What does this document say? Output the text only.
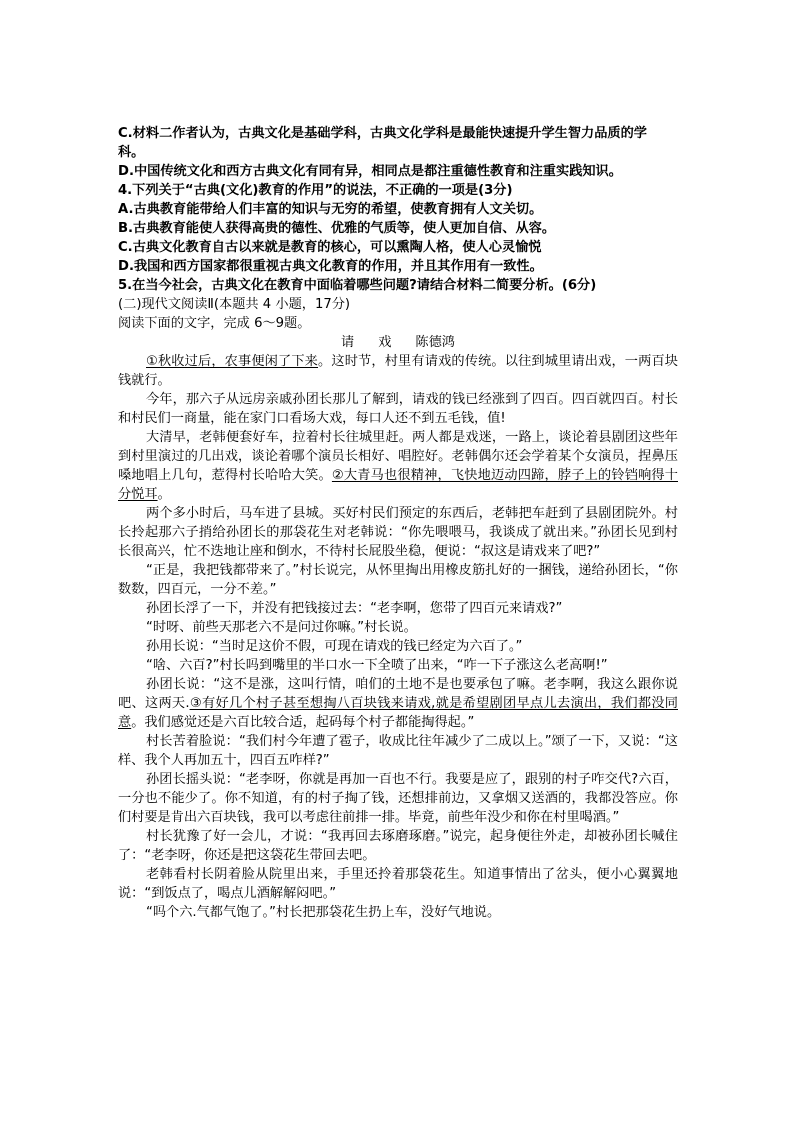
C.材料二作者认为，古典文化是基础学科，古典文化学科是最能快速提升学生智力品质的学
科。
D.中国传统文化和西方古典文化有同有异，相同点是都注重德性教育和注重实践知识。
4.下列关于“古典(文化)教育的作用”的说法，不正确的一项是(3分)
A.古典教育能带给人们丰富的知识与无穷的希望，使教育拥有人文关切。
B.古典教育能使人获得高贵的德性、优雅的气质等，使人更加自信、从容。
C.古典文化教育自古以来就是教育的核心，可以熏陶人格，使人心灵愉悦
D.我国和西方国家都很重视古典文化教育的作用，并且其作用有一致性。
5.在当今社会，古典文化在教育中面临着哪些问题?请结合材料二简要分析。(6分)
(二)现代文阅读Ⅱ(本题共 4 小题，17分)
阅读下面的文字，完成 6～9题。
请 戏 陈德鸿
①秋收过后，农事便闲了下来。这时节，村里有请戏的传统。以往到城里请出戏，一两百块钱就行。
今年，那六子从远房亲戚孙团长那儿了解到，请戏的钱已经涨到了四百。四百就四百。村长和村民们一商量，能在家门口看场大戏，每口人还不到五毛钱，值!
大清早，老韩便套好车，拉着村长往城里赶。两人都是戏迷，一路上，谈论着县剧团这些年到村里演过的几出戏，谈论着哪个演员长相好、唱腔好。老韩偶尔还会学着某个女演员，捏鼻压嗓地唱上几句，惹得村长哈哈大笑。②大青马也很精神，飞快地迈动四蹄，脖子上的铃铛响得十分悦耳。
两个多小时后，马车进了县城。买好村民们预定的东西后，老韩把车赶到了县剧团院外。村长拎起那六子捎给孙团长的那袋花生对老韩说：“你先喂喂马，我谈成了就出来。”孙团长见到村长很高兴，忙不迭地让座和倒水，不待村长屁股坐稳，便说：“叔这是请戏来了吧?”
“正是，我把钱都带来了。”村长说完，从怀里掏出用橡皮筋扎好的一捆钱，递给孙团长，“你数数，四百元，一分不差。”
孙团长浮了一下，并没有把钱接过去：“老李啊，您带了四百元来请戏?”
“时呀、前些天那老六不是问过你嘛。”村长说。
孙用长说：“当时足这价不假，可现在请戏的钱已经定为六百了。”
“啥、六百?”村长吗到嘴里的半口水一下全喷了出来，“咋一下子涨这么老高啊!”
孙团长说：“这不是涨，这叫行情，咱们的土地不是也要承包了嘛。老李啊，我这么跟你说吧、这两天.③有好几个村子甚至想掏八百块钱来请戏,就是希望剧团早点儿去演出，我们都没同意。我们感觉还是六百比较合适，起码每个村子都能掏得起。”
村长苦着脸说：“我们村今年遭了雹子，收成比往年减少了二成以上。”颂了一下，又说：“这样、我个人再加五十，四百五咋样?”
孙团长摇头说：“老李呀，你就是再加一百也不行。我要是应了，跟别的村子咋交代?六百，一分也不能少了。你不知道，有的村子掏了钱，还想排前边，又拿烟又送酒的，我都没答应。你们村要是肯出六百块钱，我可以考虑往前排一排。毕竟，前些年没少和你在村里喝酒。”
村长犹豫了好一会儿，才说：“我再回去琢磨琢磨。”说完，起身便往外走，却被孙团长喊住了：“老李呀，你还是把这袋花生带回去吧。
老韩看村长阴着脸从院里出来，手里还拎着那袋花生。知道事情出了岔头，便小心翼翼地说：“到饭点了，喝点儿酒解解闷吧。”
“吗个六.气都气饱了。”村长把那袋花生扔上车，没好气地说。
